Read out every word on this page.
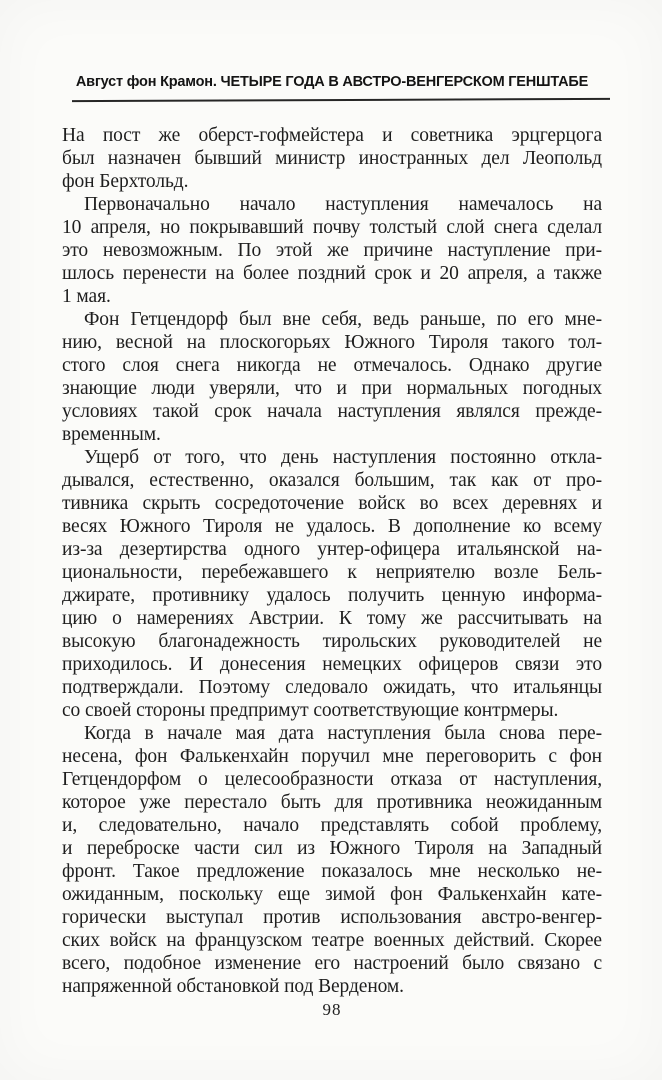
Август фон Крамон. ЧЕТЫРЕ ГОДА В АВСТРО-ВЕНГЕРСКОМ ГЕНШТАБЕ
На пост же оберст-гофмейстера и советника эрцгерцога
был назначен бывший министр иностранных дел Леопольд
фон Берхтольд.
Первоначально начало наступления намечалось на
10 апреля, но покрывавший почву толстый слой снега сделал
это невозможным. По этой же причине наступление при-
шлось перенести на более поздний срок и 20 апреля, а также
1 мая.
Фон Гетцендорф был вне себя, ведь раньше, по его мне-
нию, весной на плоскогорьях Южного Тироля такого тол-
стого слоя снега никогда не отмечалось. Однако другие
знающие люди уверяли, что и при нормальных погодных
условиях такой срок начала наступления являлся прежде-
временным.
Ущерб от того, что день наступления постоянно откла-
дывался, естественно, оказался большим, так как от про-
тивника скрыть сосредоточение войск во всех деревнях и
весях Южного Тироля не удалось. В дополнение ко всему
из-за дезертирства одного унтер-офицера итальянской на-
циональности, перебежавшего к неприятелю возле Бель-
джирате, противнику удалось получить ценную информа-
цию о намерениях Австрии. К тому же рассчитывать на
высокую благонадежность тирольских руководителей не
приходилось. И донесения немецких офицеров связи это
подтверждали. Поэтому следовало ожидать, что итальянцы
со своей стороны предпримут соответствующие контрмеры.
Когда в начале мая дата наступления была снова пере-
несена, фон Фалькенхайн поручил мне переговорить с фон
Гетцендорфом о целесообразности отказа от наступления,
которое уже перестало быть для противника неожиданным
и, следовательно, начало представлять собой проблему,
и переброске части сил из Южного Тироля на Западный
фронт. Такое предложение показалось мне несколько не-
ожиданным, поскольку еще зимой фон Фалькенхайн кате-
горически выступал против использования австро-венгер-
ских войск на французском театре военных действий. Скорее
всего, подобное изменение его настроений было связано с
напряженной обстановкой под Верденом.
98
